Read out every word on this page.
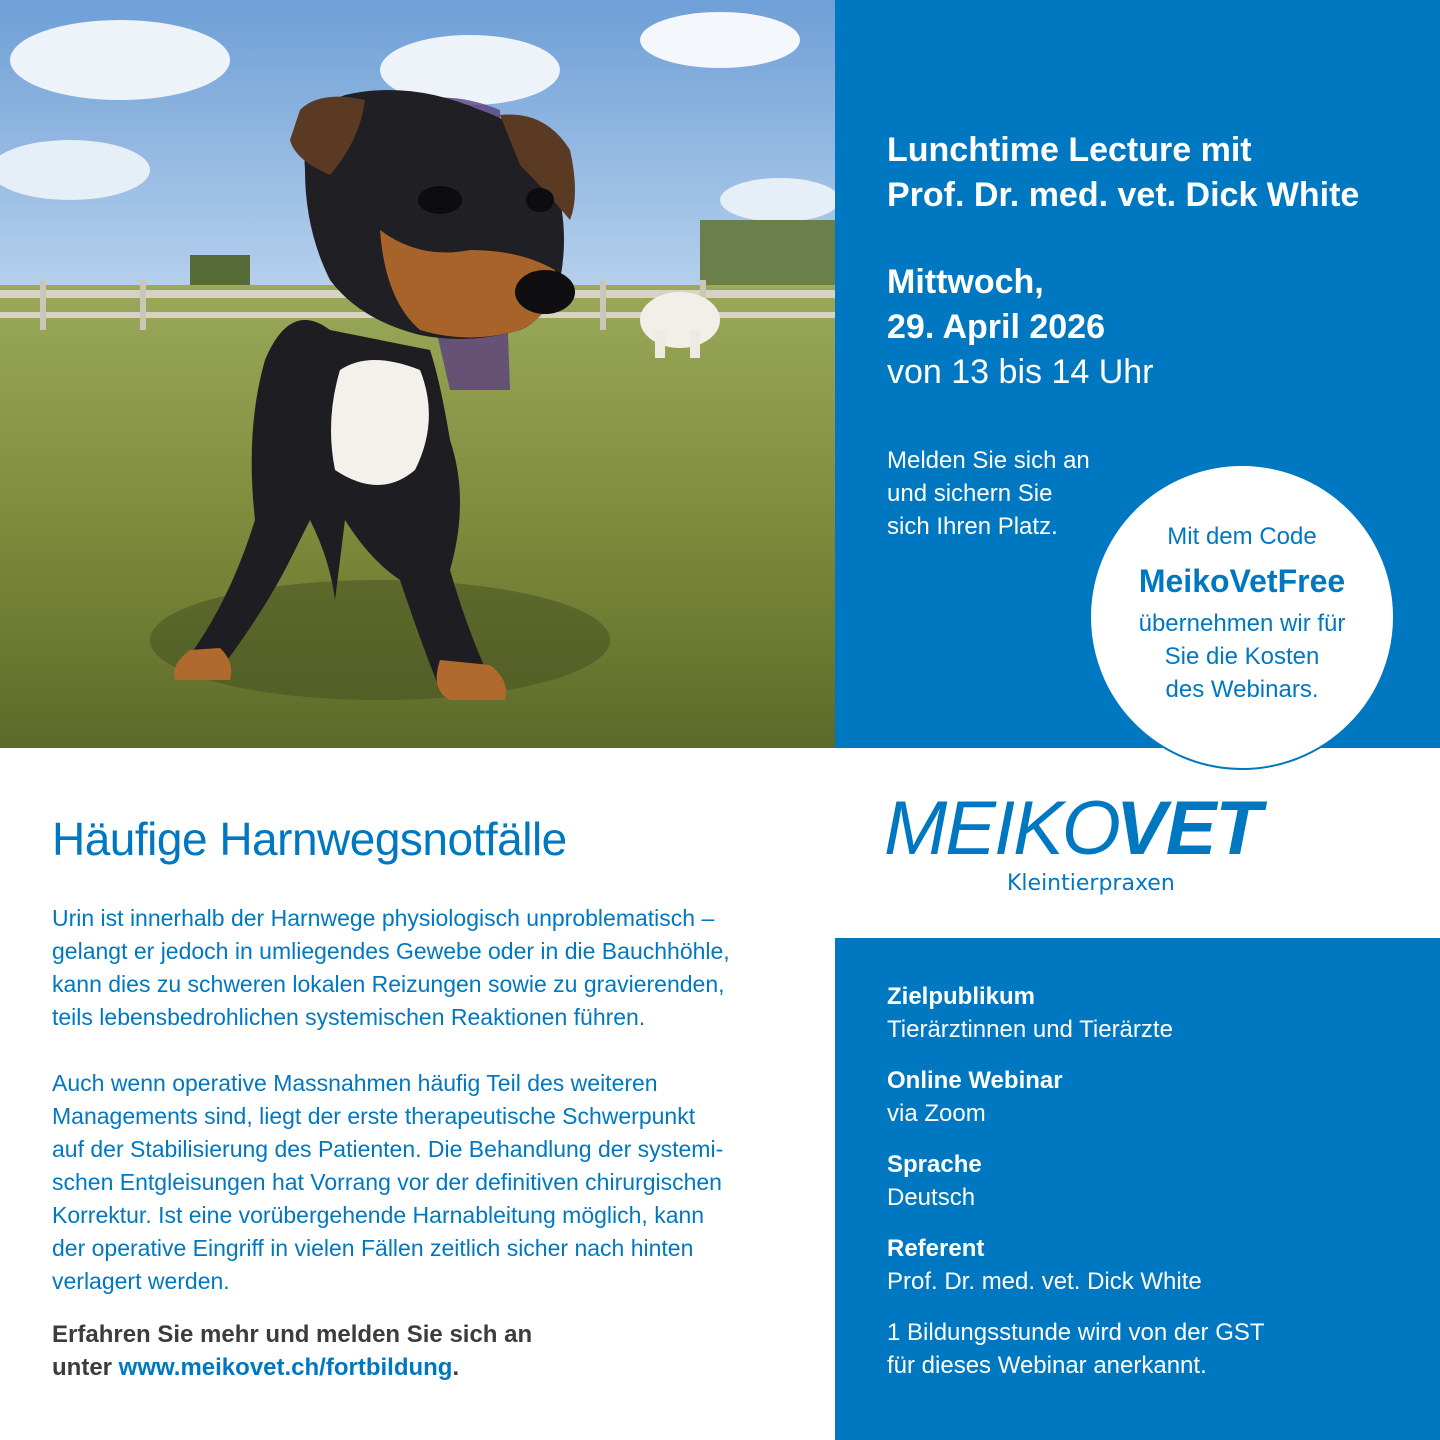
Lunchtime Lecture mit
Prof. Dr. med. vet. Dick White
Mittwoch,
29. April 2026
von 13 bis 14 Uhr
Melden Sie sich an
und sichern Sie
sich Ihren Platz.	Mit dem Code
MeikoVetFree
übernehmen wir für
Sie die Kosten
des Webinars.
Häufige Harnwegsnotfälle

Urin ist innerhalb der Harnwege physiologisch unproblematisch –
gelangt er jedoch in umliegendes Gewebe oder in die Bauchhöhle,
kann dies zu schweren lokalen Reizungen sowie zu gravierenden,
teils lebensbedrohlichen systemischen Reaktionen führen.

Auch wenn operative Massnahmen häufig Teil des weiteren
Managements sind, liegt der erste therapeutische Schwerpunkt
auf der Stabilisierung des Patienten. Die Behandlung der systemi-
schen Entgleisungen hat Vorrang vor der definitiven chirurgischen
Korrektur. Ist eine vorübergehende Harnableitung möglich, kann
der operative Eingriff in vielen Fällen zeitlich sicher nach hinten
verlagert werden.

Erfahren Sie mehr und melden Sie sich an
unter www.meikovet.ch/fortbildung.
MEIKO
VET
Kleintierpraxen
Zielpublikum
Tierärztinnen und Tierärzte
Online Webinar
via Zoom
Sprache
Deutsch
Referent
Prof. Dr. med. vet. Dick White
1 Bildungsstunde wird von der GST
für dieses Webinar anerkannt.
